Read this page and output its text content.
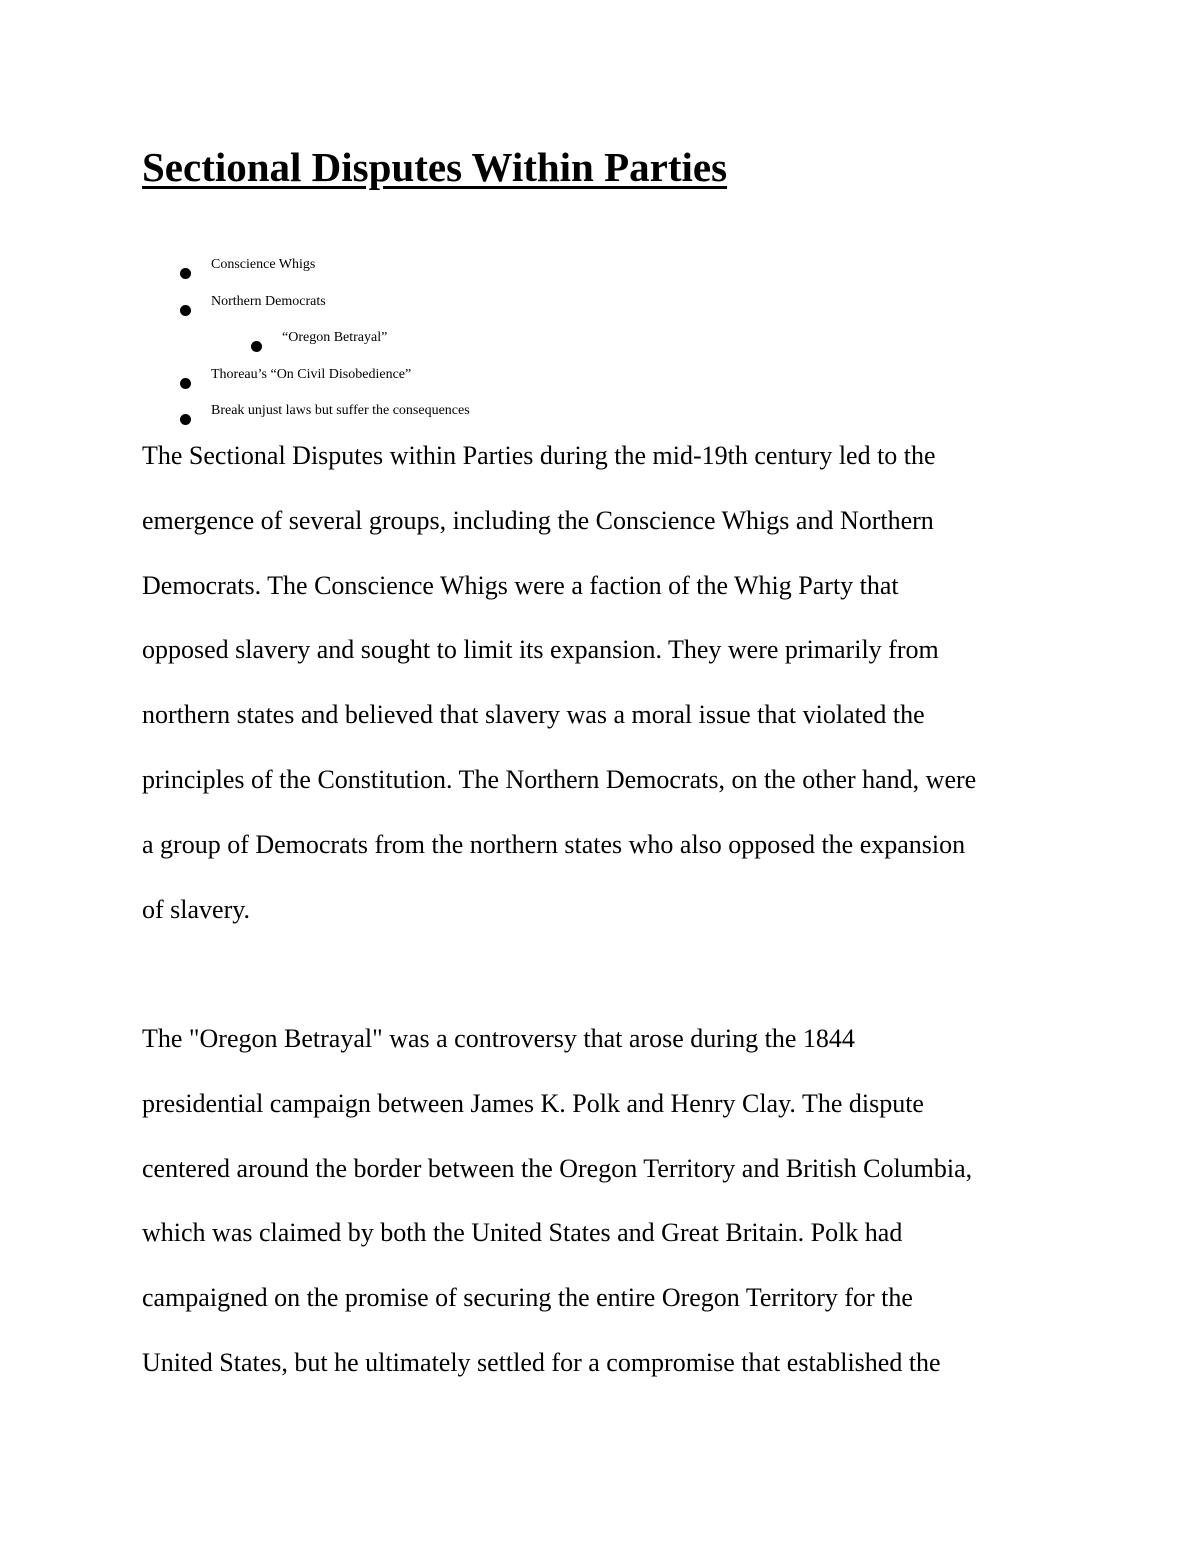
Sectional Disputes Within Parties
Conscience Whigs
Northern Democrats
“Oregon Betrayal”
Thoreau’s “On Civil Disobedience”
Break unjust laws but suffer the consequences

The Sectional Disputes within Parties during the mid-19th century led to the
emergence of several groups, including the Conscience Whigs and Northern
Democrats. The Conscience Whigs were a faction of the Whig Party that
opposed slavery and sought to limit its expansion. They were primarily from
northern states and believed that slavery was a moral issue that violated the
principles of the Constitution. The Northern Democrats, on the other hand, were
a group of Democrats from the northern states who also opposed the expansion
of slavery.

The "Oregon Betrayal" was a controversy that arose during the 1844
presidential campaign between James K. Polk and Henry Clay. The dispute
centered around the border between the Oregon Territory and British Columbia,
which was claimed by both the United States and Great Britain. Polk had
campaigned on the promise of securing the entire Oregon Territory for the
United States, but he ultimately settled for a compromise that established the
